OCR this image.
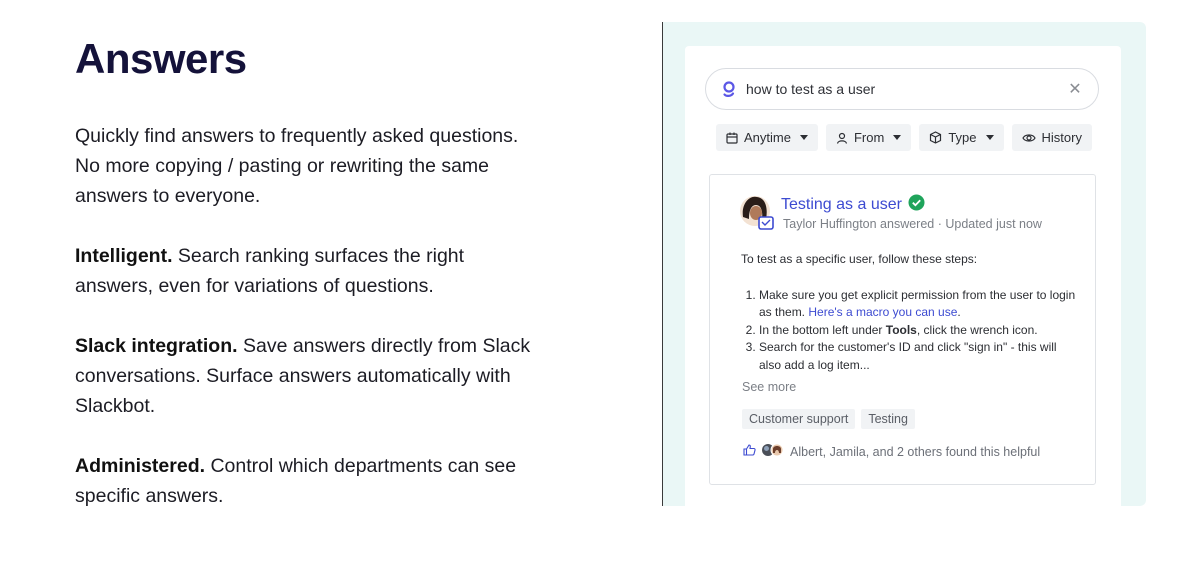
Answers

Quickly find answers to frequently asked questions. No more copying / pasting or rewriting the same answers to everyone.

Intelligent. Search ranking surfaces the right answers, even for variations of questions.

Slack integration. Save answers directly from Slack conversations. Surface answers automatically with Slackbot.

Administered. Control which departments can see specific answers.

how to test as a user	✕
Anytime	From	Type	History
Testing as a user
Taylor Huffington answered · Updated just now
To test as a specific user, follow these steps:
1. Make sure you get explicit permission from the user to login as them. Here's a macro you can use.
2. In the bottom left under Tools, click the wrench icon.
3. Search for the customer's ID and click "sign in" - this will also add a log item...
See more
Customer support	Testing
Albert, Jamila, and 2 others found this helpful
